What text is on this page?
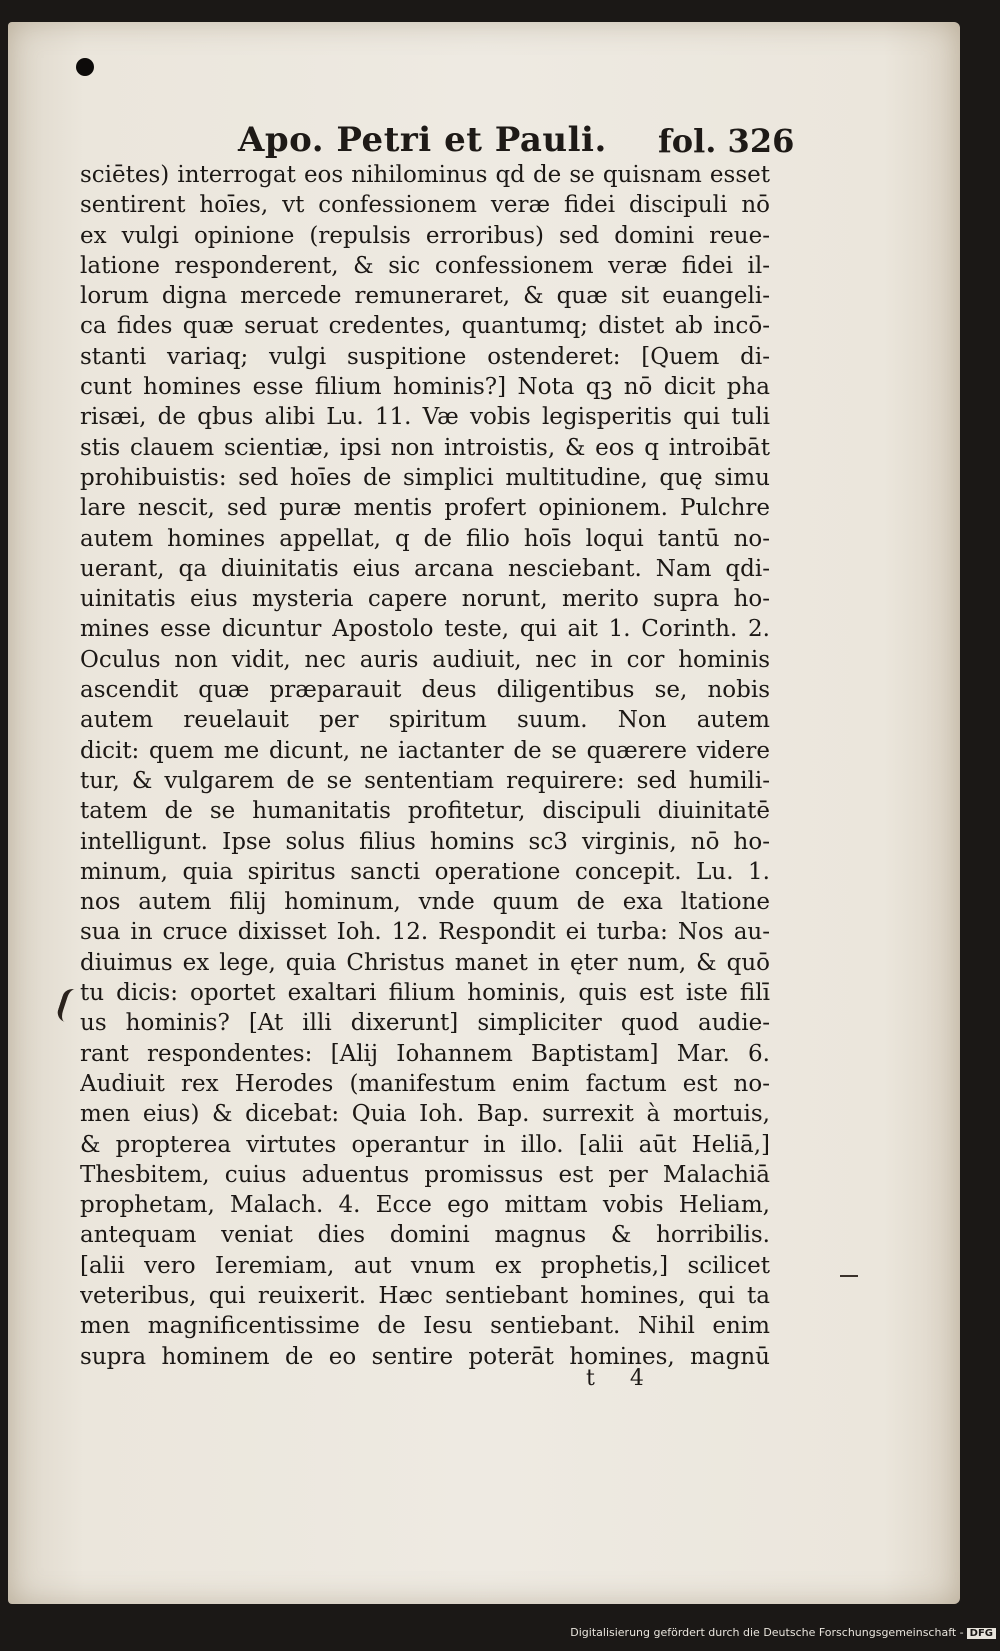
Apo. Petri et Pauli. fol. 326
sciētes) interrogat eos nihilominus qd de se quisnam esset
sentirent hoīes, vt confessionem veræ fidei discipuli nō
ex vulgi opinione (repulsis erroribus) sed domini reue-
latione responderent, & sic confessionem veræ fidei il-
lorum digna mercede remuneraret, & quæ sit euangeli-
ca fides quæ seruat credentes, quantumq; distet ab incō-
stanti variaq; vulgi suspitione ostenderet: [Quem di-
cunt homines esse filium hominis?] Nota qꝫ nō dicit pha
risæi, de qbus alibi Lu. 11. Væ vobis legisperitis qui tuli
stis clauem scientiæ, ipsi non introistis, & eos q introibāt
prohibuistis: sed hoīes de simplici multitudine, quę simu
lare nescit, sed puræ mentis profert opinionem. Pulchre
autem homines appellat, q de filio hoīs loqui tantū no-
uerant, qa diuinitatis eius arcana nesciebant. Nam qdi-
uinitatis eius mysteria capere norunt, merito supra ho-
mines esse dicuntur Apostolo teste, qui ait 1. Corinth. 2.
Oculus non vidit, nec auris audiuit, nec in cor hominis
ascendit quæ præparauit deus diligentibus se, nobis
autem reuelauit per spiritum suum. Non autem
dicit: quem me dicunt, ne iactanter de se quærere videre
tur, & vulgarem de se sententiam requirere: sed humili-
tatem de se humanitatis profitetur, discipuli diuinitatē
intelligunt. Ipse solus filius homins sc3 virginis, nō ho-
minum, quia spiritus sancti operatione concepit. Lu. 1.
nos autem filij hominum, vnde quum de exa ltatione
sua in cruce dixisset Ioh. 12. Respondit ei turba: Nos au-
diuimus ex lege, quia Christus manet in ęter num, & quō
tu dicis: oportet exaltari filium hominis, quis est iste filī
us hominis? [At illi dixerunt] simpliciter quod audie-
rant respondentes: [Alij Iohannem Baptistam] Mar. 6.
Audiuit rex Herodes (manifestum enim factum est no-
men eius) & dicebat: Quia Ioh. Bap. surrexit à mortuis,
& propterea virtutes operantur in illo. [alii aūt Heliā,]
Thesbitem, cuius aduentus promissus est per Malachiā
prophetam, Malach. 4. Ecce ego mittam vobis Heliam,
antequam veniat dies domini magnus & horribilis.
[alii vero Ieremiam, aut vnum ex prophetis,] scilicet
veteribus, qui reuixerit. Hæc sentiebant homines, qui ta
men magnificentissime de Iesu sentiebant. Nihil enim
supra hominem de eo sentire poterāt homines, magnū
t 4
Digitalisierung gefördert durch die Deutsche Forschungsgemeinschaft - DFG
